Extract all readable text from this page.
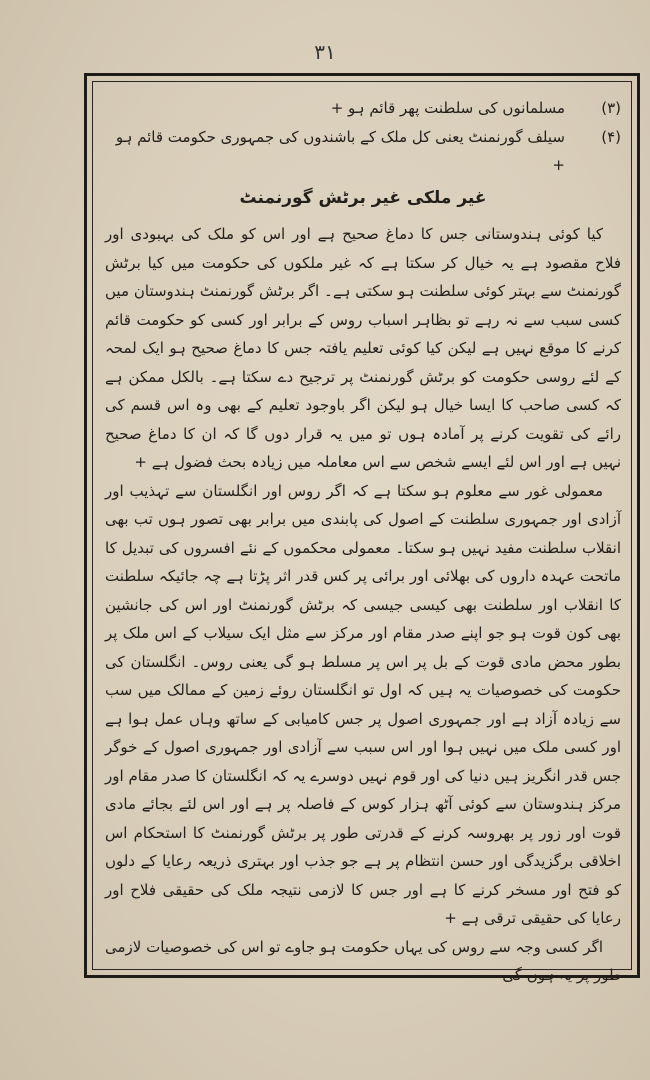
۳۱
(۳)
مسلمانوں کی سلطنت پھر قائم ہو +
(۴)
سیلف گورنمنٹ یعنی کل ملک کے باشندوں کی جمہوری حکومت قائم ہو +
غیر ملکی غیر برٹش گورنمنٹ

کیا کوئی ہندوستانی جس کا دماغ صحیح ہے اور اس کو ملک کی بہبودی اور فلاح مقصود ہے یہ خیال کر سکتا ہے کہ غیر ملکوں کی حکومت میں کیا برٹش گورنمنٹ سے بہتر کوئی سلطنت ہو سکتی ہے۔ اگر برٹش گورنمنٹ ہندوستان میں کسی سبب سے نہ رہے تو بظاہر اسباب روس کے برابر اور کسی کو حکومت قائم کرنے کا موقع نہیں ہے لیکن کیا کوئی تعلیم یافتہ جس کا دماغ صحیح ہو ایک لمحہ کے لئے روسی حکومت کو برٹش گورنمنٹ پر ترجیح دے سکتا ہے۔ بالکل ممکن ہے کہ کسی صاحب کا ایسا خیال ہو لیکن اگر باوجود تعلیم کے بھی وہ اس قسم کی رائے کی تقویت کرنے پر آمادہ ہوں تو میں یہ قرار دوں گا کہ ان کا دماغ صحیح نہیں ہے اور اس لئے ایسے شخص سے اس معاملہ میں زیادہ بحث فضول ہے +

معمولی غور سے معلوم ہو سکتا ہے کہ اگر روس اور انگلستان سے تہذیب اور آزادی اور جمہوری سلطنت کے اصول کی پابندی میں برابر بھی تصور ہوں تب بھی انقلاب سلطنت مفید نہیں ہو سکتا۔ معمولی محکموں کے نئے افسروں کی تبدیل کا ماتحت عہدہ داروں کی بھلائی اور برائی پر کس قدر اثر پڑتا ہے چہ جائیکہ سلطنت کا انقلاب اور سلطنت بھی کیسی جیسی کہ برٹش گورنمنٹ اور اس کی جانشین بھی کون قوت ہو جو اپنے صدر مقام اور مرکز سے مثل ایک سیلاب کے اس ملک پر بطور محض مادی قوت کے بل پر اس پر مسلط ہو گی یعنی روس۔ انگلستان کی حکومت کی خصوصیات یہ ہیں کہ اول تو انگلستان روئے زمین کے ممالک میں سب سے زیادہ آزاد ہے اور جمہوری اصول پر جس کامیابی کے ساتھ وہاں عمل ہوا ہے اور کسی ملک میں نہیں ہوا اور اس سبب سے آزادی اور جمہوری اصول کے خوگر جس قدر انگریز ہیں دنیا کی اور قوم نہیں دوسرے یہ کہ انگلستان کا صدر مقام اور مرکز ہندوستان سے کوئی آٹھ ہزار کوس کے فاصلہ پر ہے اور اس لئے بجائے مادی قوت اور زور پر بھروسہ کرنے کے قدرتی طور پر برٹش گورنمنٹ کا استحکام اس اخلاقی برگزیدگی اور حسن انتظام پر ہے جو جذب اور بہتری ذریعہ رعایا کے دلوں کو فتح اور مسخر کرنے کا ہے اور جس کا لازمی نتیجہ ملک کی حقیقی فلاح اور رعایا کی حقیقی ترقی ہے +

اگر کسی وجہ سے روس کی یہاں حکومت ہو جاوے تو اس کی خصوصیات لازمی طور پر یہ ہوں گی
